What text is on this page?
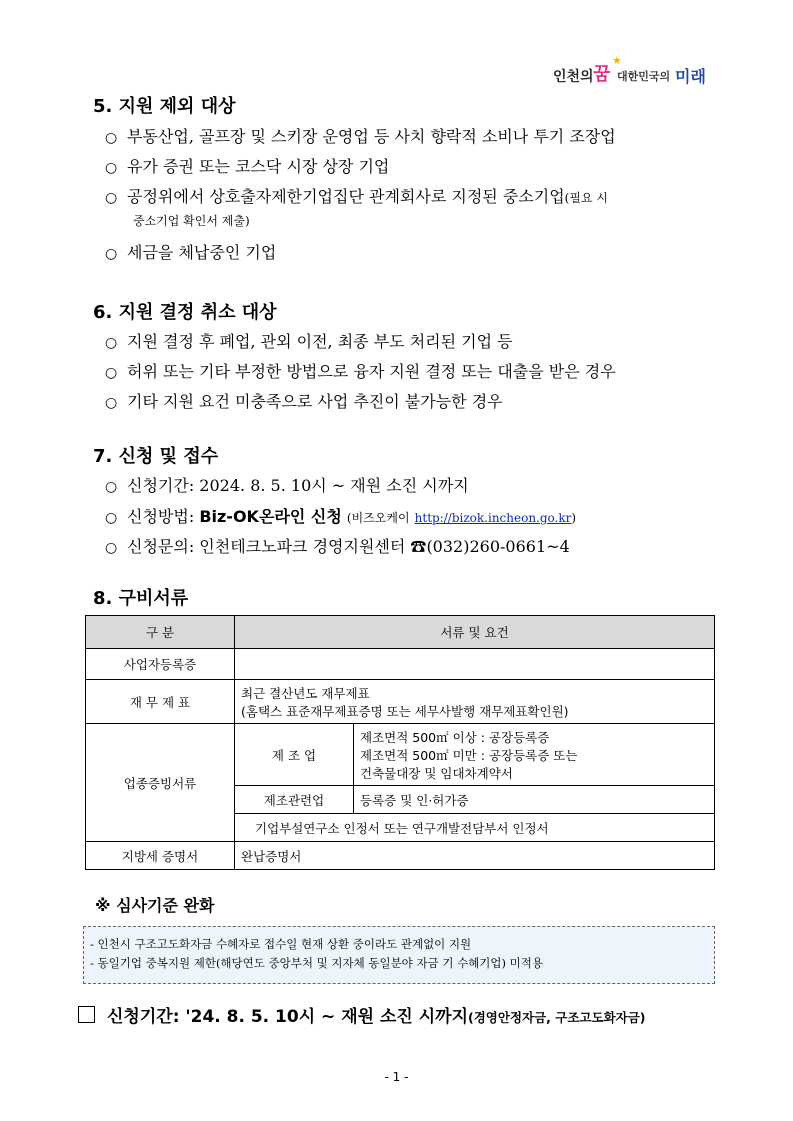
인천의 꿈
★
대한민국의 미래
5. 지원 제외 대상
○ 부동산업, 골프장 및 스키장 운영업 등 사치 향락적 소비나 투기 조장업
○ 유가 증권 또는 코스닥 시장 상장 기업
○ 공정위에서 상호출자제한기업집단 관계회사로 지정된 중소기업(필요 시
중소기업 확인서 제출)
○ 세금을 체납중인 기업
6. 지원 결정 취소 대상
○ 지원 결정 후 폐업, 관외 이전, 최종 부도 처리된 기업 등
○ 허위 또는 기타 부정한 방법으로 융자 지원 결정 또는 대출을 받은 경우
○ 기타 지원 요건 미충족으로 사업 추진이 불가능한 경우
7. 신청 및 접수
○ 신청기간: 2024. 8. 5. 10시 ~ 재원 소진 시까지
○ 신청방법: Biz-OK온라인 신청 (비즈오케이 http://bizok.incheon.go.kr)
○ 신청문의: 인천테크노파크 경영지원센터 ☎(032)260-0661~4
8. 구비서류
구 분	서류 및 요건	
사업자등록증		
재 무 제 표	최근 결산년도 재무제표
(홈택스 표준재무제표증명 또는 세무사발행 재무제표확인원)	

업종증빙서류	제 조 업	제조면적 500㎡ 이상 : 공장등록증
제조면적 500㎡ 미만 : 공장등록증 또는
건축물대장 및 임대차계약서

	제조관련업	등록증 및 인·허가증
	기업부설연구소 인정서 또는 연구개발전담부서 인정서	
지방세 증명서	완납증명서	
※ 심사기준 완화
- 인천시 구조고도화자금 수혜자로 접수일 현재 상환 중이라도 관계없이 지원
- 동일기업 중복지원 제한(해당연도 중앙부처 및 지자체 동일분야 자금 기 수혜기업) 미적용
신청기간: '24. 8. 5. 10시 ~ 재원 소진 시까지(경영안정자금, 구조고도화자금)
- 1 -
